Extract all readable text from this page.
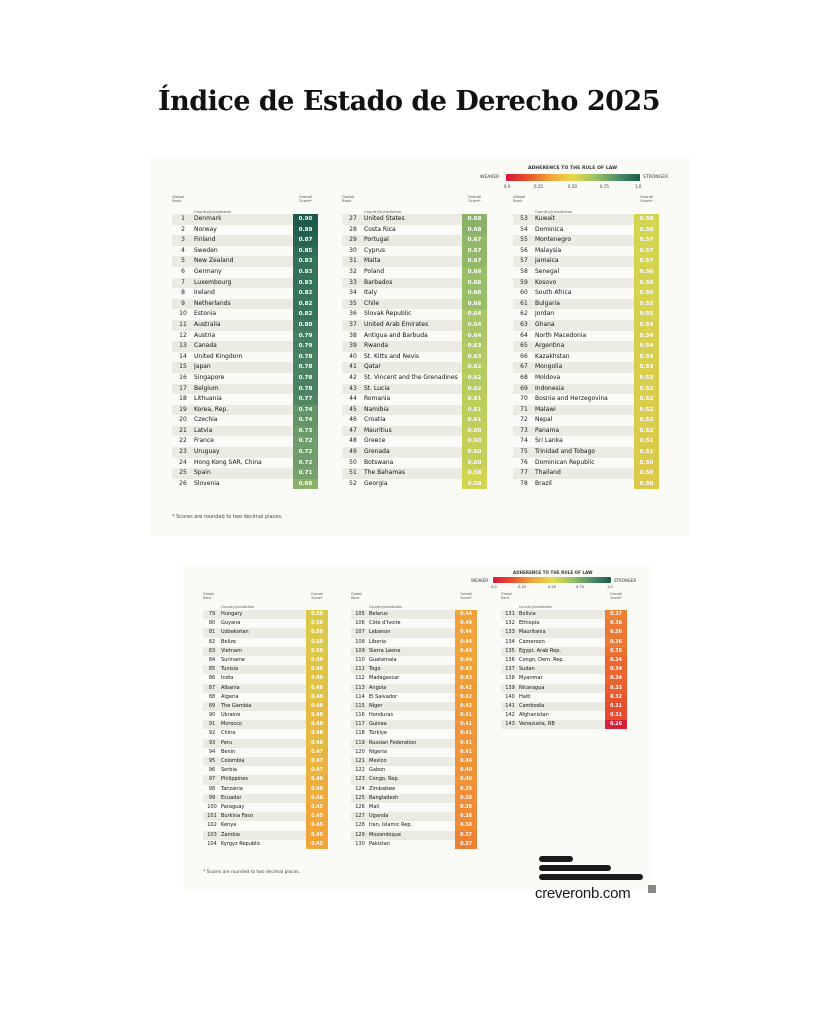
Índice de Estado de Derecho 2025
ADHERENCE TO THE RULE OF LAW
WEAKER	STRONGER
0.0	0.25	0.50	0.75	1.0
Global Rank
Country/Jurisdiction
Overall Score*
1	Denmark	0.90
2	Norway	0.89
3	Finland	0.87
4	Sweden	0.85
5	New Zealand	0.83
6	Germany	0.83
7	Luxembourg	0.83
8	Ireland	0.82
9	Netherlands	0.82
10	Estonia	0.82
11	Australia	0.80
12	Austria	0.79
13	Canada	0.79
14	United Kingdom	0.78
15	Japan	0.78
16	Singapore	0.78
17	Belgium	0.78
18	Lithuania	0.77
19	Korea, Rep.	0.74
20	Czechia	0.74
21	Latvia	0.73
22	France	0.72
23	Uruguay	0.72
24	Hong Kong SAR, China	0.72
25	Spain	0.71
26	Slovenia	0.68
Global Rank
Country/Jurisdiction
Overall Score*
27	United States	0.68
28	Costa Rica	0.68
29	Portugal	0.67
30	Cyprus	0.67
31	Malta	0.67
32	Poland	0.66
33	Barbados	0.66
34	Italy	0.66
35	Chile	0.66
36	Slovak Republic	0.64
37	United Arab Emirates	0.64
38	Antigua and Barbuda	0.64
39	Rwanda	0.63
40	St. Kitts and Nevis	0.63
41	Qatar	0.62
42	St. Vincent and the Grenadines	0.62
43	St. Lucia	0.62
44	Romania	0.61
45	Namibia	0.61
46	Croatia	0.61
47	Mauritius	0.60
48	Greece	0.60
49	Grenada	0.60
50	Botswana	0.60
51	The Bahamas	0.58
52	Georgia	0.58
Global Rank
Country/Jurisdiction
Overall Score*
53	Kuwait	0.58
54	Dominica	0.58
55	Montenegro	0.57
56	Malaysia	0.57
57	Jamaica	0.57
58	Senegal	0.56
59	Kosovo	0.56
60	South Africa	0.56
61	Bulgaria	0.55
62	Jordan	0.55
63	Ghana	0.54
64	North Macedonia	0.54
65	Argentina	0.54
66	Kazakhstan	0.54
67	Mongolia	0.53
68	Moldova	0.53
69	Indonesia	0.52
70	Bosnia and Herzegovina	0.52
71	Malawi	0.52
72	Nepal	0.52
73	Panama	0.52
74	Sri Lanka	0.51
75	Trinidad and Tobago	0.51
76	Dominican Republic	0.50
77	Thailand	0.50
78	Brazil	0.50
* Scores are rounded to two decimal places.
ADHERENCE TO THE RULE OF LAW
WEAKER	STRONGER
0.0	0.25	0.50	0.75	1.0
Global Rank
Country/Jurisdiction
Overall Score*
79	Hungary	0.50
80	Guyana	0.50
81	Uzbekistan	0.50
82	Belize	0.50
83	Vietnam	0.50
84	Suriname	0.49
85	Tunisia	0.49
86	India	0.49
87	Albania	0.49
88	Algeria	0.49
89	The Gambia	0.48
90	Ukraine	0.48
91	Morocco	0.48
92	China	0.48
93	Peru	0.48
94	Benin	0.47
95	Colombia	0.47
96	Serbia	0.47
97	Philippines	0.46
98	Tanzania	0.46
99	Ecuador	0.46
100 Paraguay	0.45
101 Burkina Faso	0.45
102 Kenya	0.45
103 Zambia	0.45
104 Kyrgyz Republic	0.45
Global Rank
Country/Jurisdiction
Overall Score*
105 Belarus	0.44
106 Côte d'Ivoire	0.44
107 Lebanon	0.44
108 Liberia	0.44
109 Sierra Leone	0.44
110 Guatemala	0.44
111 Togo	0.43
112 Madagascar	0.43
113 Angola	0.42
114 El Salvador	0.42
115 Niger	0.42
116 Honduras	0.41
117 Guinea	0.41
118 Türkiye	0.41
119 Russian Federation	0.41
120 Nigeria	0.41
121 Mexico	0.40
122 Gabon	0.40
123 Congo, Rep.	0.40
124 Zimbabwe	0.39
125 Bangladesh	0.39
126 Mali	0.38
127 Uganda	0.38
128 Iran, Islamic Rep.	0.38
129 Mozambique	0.37
130 Pakistan	0.37
Global Rank
Country/Jurisdiction
Overall Score*
131 Bolivia	0.37
132 Ethiopia	0.36
133 Mauritania	0.36
134 Cameroon	0.36
135 Egypt, Arab Rep.	0.35
136 Congo, Dem. Rep.	0.34
137 Sudan	0.34
138 Myanmar	0.34
139 Nicaragua	0.33
140 Haiti	0.32
141 Cambodia	0.31
142 Afghanistan	0.31
143 Venezuela, RB	0.26
* Scores are rounded to two decimal places.
creveronb.com
